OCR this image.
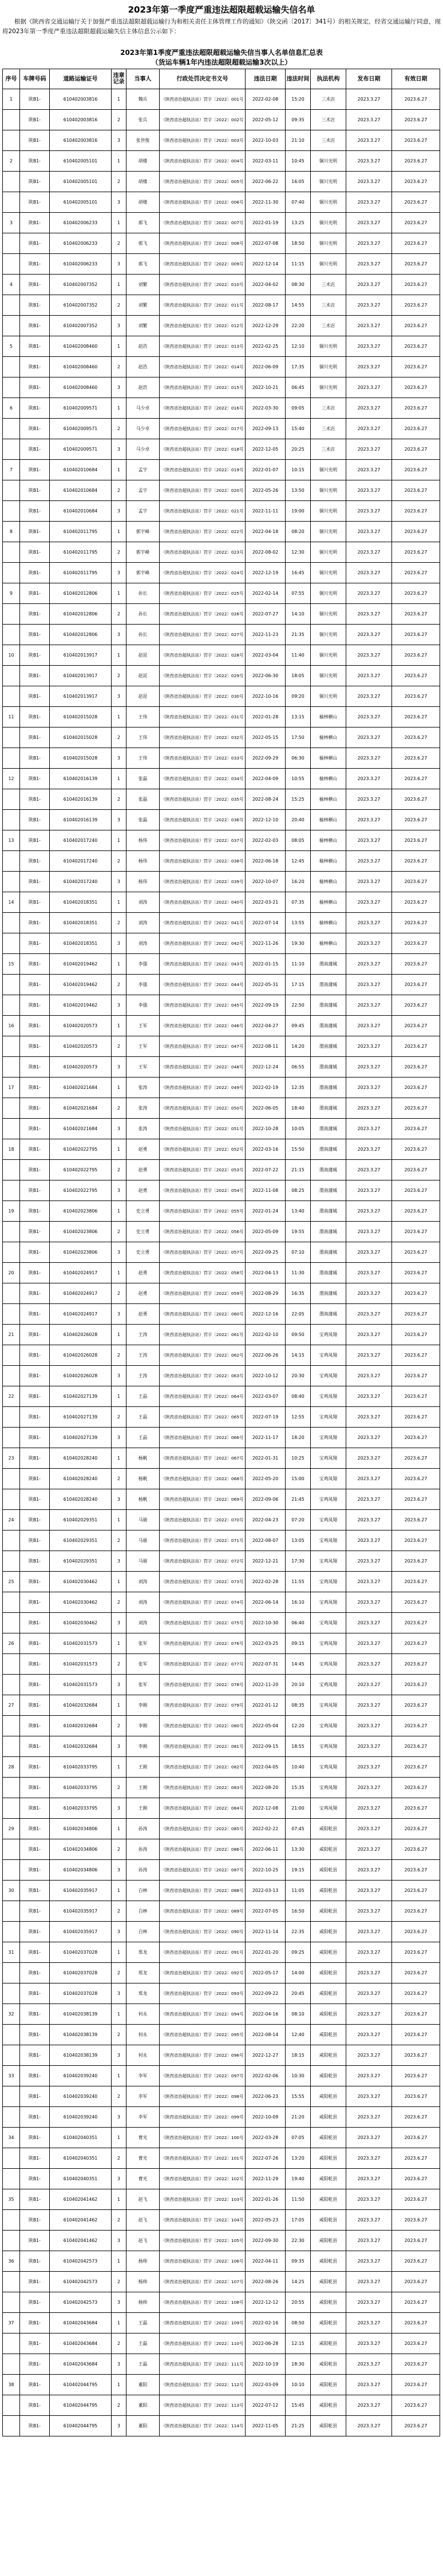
2023年第一季度严重违法超限超载运输失信名单
根据《陕西省交通运输厅关于加强严重违法超限超载运输行为和相关责任主体管理工作的通知》（陕交函〔2017〕341号）的相关规定，经省交通运输厅同意，现将2023年第一季度严重违法超限超载运输失信主体信息公示如下：
2023年第1季度严重违法超限超载运输失信当事人名单信息汇总表
（货运车辆1年内违法超限超载运输3次以上）
序号	车牌号码	道路运输证号	违章记录	当事人	行政处罚决定书文号	违法日期	违法时间	执法机构	发布日期	有效日期
1	陕B1-	610402003816	1	魏兵	（陕西省治超执法站）罚字〔2022〕001号	2022-02-08	15:20	三术店	2023.3.27	2023.6.27
	陕B1-	610402003816	2	张兵	（陕西省治超执法站）罚字〔2022〕002号	2022-05-12	09:35	三术店	2023.3.27	2023.6.27
	陕B1-	610402003816	3	张世俊	（陕西省治超执法站）罚字〔2022〕003号	2022-10-03	21:10	三术店	2023.3.27	2023.6.27
2	陕B1-	610402005101	1	胡楼	（陕西省治超执法站）罚字〔2022〕004号	2022-03-11	10:45	铜川光明	2023.3.27	2023.6.27
	陕B1-	610402005101	2	胡楼	（陕西省治超执法站）罚字〔2022〕005号	2022-06-22	16:05	铜川光明	2023.3.27	2023.6.27
	陕B1-	610402005101	3	胡楼	（陕西省治超执法站）罚字〔2022〕006号	2022-11-30	07:40	铜川光明	2023.3.27	2023.6.27
3	陕B1-	610402006233	1	郭飞	（陕西省治超执法站）罚字〔2022〕007号	2022-01-19	13:25	铜川光明	2023.3.27	2023.6.27
	陕B1-	610402006233	2	郭飞	（陕西省治超执法站）罚字〔2022〕008号	2022-07-08	18:50	铜川光明	2023.3.27	2023.6.27
	陕B1-	610402006233	3	郭飞	（陕西省治超执法站）罚字〔2022〕009号	2022-12-14	11:15	铜川光明	2023.3.27	2023.6.27
4	陕B1-	610402007352	1	刘繁	（陕西省治超执法站）罚字〔2022〕010号	2022-04-02	08:30	三术店	2023.3.27	2023.6.27
	陕B1-	610402007352	2	刘繁	（陕西省治超执法站）罚字〔2022〕011号	2022-08-17	14:55	三术店	2023.3.27	2023.6.27
	陕B1-	610402007352	3	刘繁	（陕西省治超执法站）罚字〔2022〕012号	2022-12-29	22:20	三术店	2023.3.27	2023.6.27
5	陕B1-	610402008460	1	赵浩	（陕西省治超执法站）罚字〔2022〕013号	2022-02-25	12:10	铜川光明	2023.3.27	2023.6.27
	陕B1-	610402008460	2	赵浩	（陕西省治超执法站）罚字〔2022〕014号	2022-06-09	17:35	铜川光明	2023.3.27	2023.6.27
	陕B1-	610402008460	3	赵浩	（陕西省治超执法站）罚字〔2022〕015号	2022-10-21	06:45	铜川光明	2023.3.27	2023.6.27
6	陕B1-	610402009571	1	马少卓	（陕西省治超执法站）罚字〔2022〕016号	2022-03-30	09:05	三术店	2023.3.27	2023.6.27
	陕B1-	610402009571	2	马少卓	（陕西省治超执法站）罚字〔2022〕017号	2022-09-13	15:40	三术店	2023.3.27	2023.6.27
	陕B1-	610402009571	3	马少卓	（陕西省治超执法站）罚字〔2022〕018号	2022-12-05	20:25	三术店	2023.3.27	2023.6.27
7	陕B1-	610402010684	1	孟宇	（陕西省治超执法站）罚字〔2022〕019号	2022-01-07	10:15	铜川光明	2023.3.27	2023.6.27
	陕B1-	610402010684	2	孟宇	（陕西省治超执法站）罚字〔2022〕020号	2022-05-26	13:50	铜川光明	2023.3.27	2023.6.27
	陕B1-	610402010684	3	孟宇	（陕西省治超执法站）罚字〔2022〕021号	2022-11-11	19:00	铜川光明	2023.3.27	2023.6.27
8	陕B1-	610402011795	1	郭宇峰	（陕西省治超执法站）罚字〔2022〕022号	2022-04-18	08:20	铜川光明	2023.3.27	2023.6.27
	陕B1-	610402011795	2	郭宇峰	（陕西省治超执法站）罚字〔2022〕023号	2022-08-02	12:30	铜川光明	2023.3.27	2023.6.27
	陕B1-	610402011795	3	郭宇峰	（陕西省治超执法站）罚字〔2022〕024号	2022-12-19	16:45	铜川光明	2023.3.27	2023.6.27
9	陕B1-	610402012806	1	孙长	（陕西省治超执法站）罚字〔2022〕025号	2022-02-14	07:55	铜川光明	2023.3.27	2023.6.27
	陕B1-	610402012806	2	孙长	（陕西省治超执法站）罚字〔2022〕026号	2022-07-27	14:10	铜川光明	2023.3.27	2023.6.27
	陕B1-	610402012806	3	孙长	（陕西省治超执法站）罚字〔2022〕027号	2022-11-23	21:35	铜川光明	2023.3.27	2023.6.27
10	陕B1-	610402013917	1	赵昆	（陕西省治超执法站）罚字〔2022〕028号	2022-03-04	11:40	铜川光明	2023.3.27	2023.6.27
	陕B1-	610402013917	2	赵昆	（陕西省治超执法站）罚字〔2022〕029号	2022-06-30	18:05	铜川光明	2023.3.27	2023.6.27
	陕B1-	610402013917	3	赵昆	（陕西省治超执法站）罚字〔2022〕030号	2022-10-16	09:20	铜川光明	2023.3.27	2023.6.27
11	陕B1-	610402015028	1	王伟	（陕西省治超执法站）罚字〔2022〕031号	2022-01-28	13:15	榆林横山	2023.3.27	2023.6.27
	陕B1-	610402015028	2	王伟	（陕西省治超执法站）罚字〔2022〕032号	2022-05-15	17:50	榆林横山	2023.3.27	2023.6.27
	陕B1-	610402015028	3	王伟	（陕西省治超执法站）罚字〔2022〕033号	2022-09-29	06:30	榆林横山	2023.3.27	2023.6.27
12	陕B1-	610402016139	1	张磊	（陕西省治超执法站）罚字〔2022〕034号	2022-04-09	10:55	榆林横山	2023.3.27	2023.6.27
	陕B1-	610402016139	2	张磊	（陕西省治超执法站）罚字〔2022〕035号	2022-08-24	15:25	榆林横山	2023.3.27	2023.6.27
	陕B1-	610402016139	3	张磊	（陕西省治超执法站）罚字〔2022〕036号	2022-12-10	20:40	榆林横山	2023.3.27	2023.6.27
13	陕B1-	610402017240	1	杨伟	（陕西省治超执法站）罚字〔2022〕037号	2022-02-03	08:05	榆林横山	2023.3.27	2023.6.27
	陕B1-	610402017240	2	杨伟	（陕西省治超执法站）罚字〔2022〕038号	2022-06-18	12:45	榆林横山	2023.3.27	2023.6.27
	陕B1-	610402017240	3	杨伟	（陕西省治超执法站）罚字〔2022〕039号	2022-10-07	16:20	榆林横山	2023.3.27	2023.6.27
14	陕B1-	610402018351	1	刘涛	（陕西省治超执法站）罚字〔2022〕040号	2022-03-21	07:35	榆林横山	2023.3.27	2023.6.27
	陕B1-	610402018351	2	刘涛	（陕西省治超执法站）罚字〔2022〕041号	2022-07-14	13:55	榆林横山	2023.3.27	2023.6.27
	陕B1-	610402018351	3	刘涛	（陕西省治超执法站）罚字〔2022〕042号	2022-11-26	19:30	榆林横山	2023.3.27	2023.6.27
15	陕B1-	610402019462	1	李强	（陕西省治超执法站）罚字〔2022〕043号	2022-01-15	11:10	渭南蒲城	2023.3.27	2023.6.27
	陕B1-	610402019462	2	李强	（陕西省治超执法站）罚字〔2022〕044号	2022-05-31	17:15	渭南蒲城	2023.3.27	2023.6.27
	陕B1-	610402019462	3	李强	（陕西省治超执法站）罚字〔2022〕045号	2022-09-19	22:50	渭南蒲城	2023.3.27	2023.6.27
16	陕B1-	610402020573	1	王军	（陕西省治超执法站）罚字〔2022〕046号	2022-04-27	09:45	渭南蒲城	2023.3.27	2023.6.27
	陕B1-	610402020573	2	王军	（陕西省治超执法站）罚字〔2022〕047号	2022-08-11	14:20	渭南蒲城	2023.3.27	2023.6.27
	陕B1-	610402020573	3	王军	（陕西省治超执法站）罚字〔2022〕048号	2022-12-24	06:55	渭南蒲城	2023.3.27	2023.6.27
17	陕B1-	610402021684	1	张涛	（陕西省治超执法站）罚字〔2022〕049号	2022-02-19	12:35	渭南蒲城	2023.3.27	2023.6.27
	陕B1-	610402021684	2	张涛	（陕西省治超执法站）罚字〔2022〕050号	2022-06-05	18:40	渭南蒲城	2023.3.27	2023.6.27
	陕B1-	610402021684	3	张涛	（陕西省治超执法站）罚字〔2022〕051号	2022-10-28	10:05	渭南蒲城	2023.3.27	2023.6.27
18	陕B1-	610402022795	1	赵勇	（陕西省治超执法站）罚字〔2022〕052号	2022-03-16	15:50	渭南蒲城	2023.3.27	2023.6.27
	陕B1-	610402022795	2	赵勇	（陕西省治超执法站）罚字〔2022〕053号	2022-07-22	21:15	渭南蒲城	2023.3.27	2023.6.27
	陕B1-	610402022795	3	赵勇	（陕西省治超执法站）罚字〔2022〕054号	2022-11-08	08:25	渭南蒲城	2023.3.27	2023.6.27
19	陕B1-	610402023806	1	史立勇	（陕西省治超执法站）罚字〔2022〕055号	2022-01-24	13:40	渭南蒲城	2023.3.27	2023.6.27
	陕B1-	610402023806	2	史立勇	（陕西省治超执法站）罚字〔2022〕056号	2022-05-09	19:55	渭南蒲城	2023.3.27	2023.6.27
	陕B1-	610402023806	3	史立勇	（陕西省治超执法站）罚字〔2022〕057号	2022-09-25	07:10	渭南蒲城	2023.3.27	2023.6.27
20	陕B1-	610402024917	1	赵勇	（陕西省治超执法站）罚字〔2022〕058号	2022-04-13	11:30	渭南蒲城	2023.3.27	2023.6.27
	陕B1-	610402024917	2	赵勇	（陕西省治超执法站）罚字〔2022〕059号	2022-08-29	16:35	渭南蒲城	2023.3.27	2023.6.27
	陕B1-	610402024917	3	赵勇	（陕西省治超执法站）罚字〔2022〕060号	2022-12-16	22:05	渭南蒲城	2023.3.27	2023.6.27
21	陕B1-	610402026028	1	王涛	（陕西省治超执法站）罚字〔2022〕061号	2022-02-10	09:50	宝鸡凤翔	2023.3.27	2023.6.27
	陕B1-	610402026028	2	王涛	（陕西省治超执法站）罚字〔2022〕062号	2022-06-26	14:15	宝鸡凤翔	2023.3.27	2023.6.27
	陕B1-	610402026028	3	王涛	（陕西省治超执法站）罚字〔2022〕063号	2022-10-12	20:30	宝鸡凤翔	2023.3.27	2023.6.27
22	陕B1-	610402027139	1	王晶	（陕西省治超执法站）罚字〔2022〕064号	2022-03-07	08:40	宝鸡凤翔	2023.3.27	2023.6.27
	陕B1-	610402027139	2	王晶	（陕西省治超执法站）罚字〔2022〕065号	2022-07-19	12:55	宝鸡凤翔	2023.3.27	2023.6.27
	陕B1-	610402027139	3	王晶	（陕西省治超执法站）罚字〔2022〕066号	2022-11-17	18:20	宝鸡凤翔	2023.3.27	2023.6.27
23	陕B1-	610402028240	1	杨帆	（陕西省治超执法站）罚字〔2022〕067号	2022-01-31	10:25	宝鸡凤翔	2023.3.27	2023.6.27
	陕B1-	610402028240	2	杨帆	（陕西省治超执法站）罚字〔2022〕068号	2022-05-20	15:00	宝鸡凤翔	2023.3.27	2023.6.27
	陕B1-	610402028240	3	杨帆	（陕西省治超执法站）罚字〔2022〕069号	2022-09-06	21:45	宝鸡凤翔	2023.3.27	2023.6.27
24	陕B1-	610402029351	1	马骏	（陕西省治超执法站）罚字〔2022〕070号	2022-04-23	07:20	宝鸡凤翔	2023.3.27	2023.6.27
	陕B1-	610402029351	2	马骏	（陕西省治超执法站）罚字〔2022〕071号	2022-08-07	13:05	宝鸡凤翔	2023.3.27	2023.6.27
	陕B1-	610402029351	3	马骏	（陕西省治超执法站）罚字〔2022〕072号	2022-12-21	17:30	宝鸡凤翔	2023.3.27	2023.6.27
25	陕B1-	610402030462	1	刘涛	（陕西省治超执法站）罚字〔2022〕073号	2022-02-28	11:55	宝鸡凤翔	2023.3.27	2023.6.27
	陕B1-	610402030462	2	刘涛	（陕西省治超执法站）罚字〔2022〕074号	2022-06-14	16:10	宝鸡凤翔	2023.3.27	2023.6.27
	陕B1-	610402030462	3	刘涛	（陕西省治超执法站）罚字〔2022〕075号	2022-10-30	06:40	宝鸡凤翔	2023.3.27	2023.6.27
26	陕B1-	610402031573	1	张军	（陕西省治超执法站）罚字〔2022〕076号	2022-03-25	09:15	宝鸡凤翔	2023.3.27	2023.6.27
	陕B1-	610402031573	2	张军	（陕西省治超执法站）罚字〔2022〕077号	2022-07-31	14:45	宝鸡凤翔	2023.3.27	2023.6.27
	陕B1-	610402031573	3	张军	（陕西省治超执法站）罚字〔2022〕078号	2022-11-20	20:10	宝鸡凤翔	2023.3.27	2023.6.27
27	陕B1-	610402032684	1	李刚	（陕西省治超执法站）罚字〔2022〕079号	2022-01-12	08:35	宝鸡凤翔	2023.3.27	2023.6.27
	陕B1-	610402032684	2	李刚	（陕西省治超执法站）罚字〔2022〕080号	2022-05-04	12:20	宝鸡凤翔	2023.3.27	2023.6.27
	陕B1-	610402032684	3	李刚	（陕西省治超执法站）罚字〔2022〕081号	2022-09-15	18:55	宝鸡凤翔	2023.3.27	2023.6.27
28	陕B1-	610402033795	1	王刚	（陕西省治超执法站）罚字〔2022〕082号	2022-04-05	10:40	宝鸡凤翔	2023.3.27	2023.6.27
	陕B1-	610402033795	2	王刚	（陕西省治超执法站）罚字〔2022〕083号	2022-08-20	15:35	宝鸡凤翔	2023.3.27	2023.6.27
	陕B1-	610402033795	3	王刚	（陕西省治超执法站）罚字〔2022〕084号	2022-12-08	21:00	宝鸡凤翔	2023.3.27	2023.6.27
29	陕B1-	610402034806	1	孙涛	（陕西省治超执法站）罚字〔2022〕085号	2022-02-22	07:45	咸阳乾县	2023.3.27	2023.6.27
	陕B1-	610402034806	2	孙涛	（陕西省治超执法站）罚字〔2022〕086号	2022-06-11	13:30	咸阳乾县	2023.3.27	2023.6.27
	陕B1-	610402034806	3	孙涛	（陕西省治超执法站）罚字〔2022〕087号	2022-10-25	19:15	咸阳乾县	2023.3.27	2023.6.27
30	陕B1-	610402035917	1	白林	（陕西省治超执法站）罚字〔2022〕088号	2022-03-13	11:05	咸阳乾县	2023.3.27	2023.6.27
	陕B1-	610402035917	2	白林	（陕西省治超执法站）罚字〔2022〕089号	2022-07-05	16:50	咸阳乾县	2023.3.27	2023.6.27
	陕B1-	610402035917	3	白林	（陕西省治超执法站）罚字〔2022〕090号	2022-11-14	22:35	咸阳乾县	2023.3.27	2023.6.27
31	陕B1-	610402037028	1	郑龙	（陕西省治超执法站）罚字〔2022〕091号	2022-01-20	09:25	咸阳乾县	2023.3.27	2023.6.27
	陕B1-	610402037028	2	郑龙	（陕西省治超执法站）罚字〔2022〕092号	2022-05-17	14:00	咸阳乾县	2023.3.27	2023.6.27
	陕B1-	610402037028	3	郑龙	（陕西省治超执法站）罚字〔2022〕093号	2022-09-22	20:45	咸阳乾县	2023.3.27	2023.6.27
32	陕B1-	610402038139	1	何永	（陕西省治超执法站）罚字〔2022〕094号	2022-04-16	08:10	咸阳乾县	2023.3.27	2023.6.27
	陕B1-	610402038139	2	何永	（陕西省治超执法站）罚字〔2022〕095号	2022-08-14	12:40	咸阳乾县	2023.3.27	2023.6.27
	陕B1-	610402038139	3	何永	（陕西省治超执法站）罚字〔2022〕096号	2022-12-27	18:15	咸阳乾县	2023.3.27	2023.6.27
33	陕B1-	610402039240	1	李军	（陕西省治超执法站）罚字〔2022〕097号	2022-02-06	10:30	咸阳乾县	2023.3.27	2023.6.27
	陕B1-	610402039240	2	李军	（陕西省治超执法站）罚字〔2022〕098号	2022-06-23	15:55	咸阳乾县	2023.3.27	2023.6.27
	陕B1-	610402039240	3	李军	（陕西省治超执法站）罚字〔2022〕099号	2022-10-09	21:20	咸阳乾县	2023.3.27	2023.6.27
34	陕B1-	610402040351	1	曹光	（陕西省治超执法站）罚字〔2022〕100号	2022-03-28	07:05	咸阳乾县	2023.3.27	2023.6.27
	陕B1-	610402040351	2	曹光	（陕西省治超执法站）罚字〔2022〕101号	2022-07-26	13:20	咸阳乾县	2023.3.27	2023.6.27
	陕B1-	610402040351	3	曹光	（陕西省治超执法站）罚字〔2022〕102号	2022-11-29	19:40	咸阳乾县	2023.3.27	2023.6.27
35	陕B1-	610402041462	1	赵飞	（陕西省治超执法站）罚字〔2022〕103号	2022-01-26	11:50	咸阳乾县	2023.3.27	2023.6.27
	陕B1-	610402041462	2	赵飞	（陕西省治超执法站）罚字〔2022〕104号	2022-05-23	17:05	咸阳乾县	2023.3.27	2023.6.27
	陕B1-	610402041462	3	赵飞	（陕西省治超执法站）罚字〔2022〕105号	2022-09-30	22:30	咸阳乾县	2023.3.27	2023.6.27
36	陕B1-	610402042573	1	杨帅	（陕西省治超执法站）罚字〔2022〕106号	2022-04-11	09:35	咸阳乾县	2023.3.27	2023.6.27
	陕B1-	610402042573	2	杨帅	（陕西省治超执法站）罚字〔2022〕107号	2022-08-26	14:25	咸阳乾县	2023.3.27	2023.6.27
	陕B1-	610402042573	3	杨帅	（陕西省治超执法站）罚字〔2022〕108号	2022-12-12	20:55	咸阳乾县	2023.3.27	2023.6.27
37	陕B1-	610402043684	1	王磊	（陕西省治超执法站）罚字〔2022〕109号	2022-02-16	08:50	咸阳乾县	2023.3.27	2023.6.27
	陕B1-	610402043684	2	王磊	（陕西省治超执法站）罚字〔2022〕110号	2022-06-28	12:15	咸阳乾县	2023.3.27	2023.6.27
	陕B1-	610402043684	3	王磊	（陕西省治超执法站）罚字〔2022〕111号	2022-10-19	18:30	咸阳乾县	2023.3.27	2023.6.27
38	陕B1-	610402044795	1	董阳	（陕西省治超执法站）罚字〔2022〕112号	2022-03-09	10:10	咸阳乾县	2023.3.27	2023.6.27
	陕B1-	610402044795	2	董阳	（陕西省治超执法站）罚字〔2022〕113号	2022-07-12	15:45	咸阳乾县	2023.3.27	2023.6.27
	陕B1-	610402044795	3	董阳	（陕西省治超执法站）罚字〔2022〕114号	2022-11-05	21:25	咸阳乾县	2023.3.27	2023.6.27
